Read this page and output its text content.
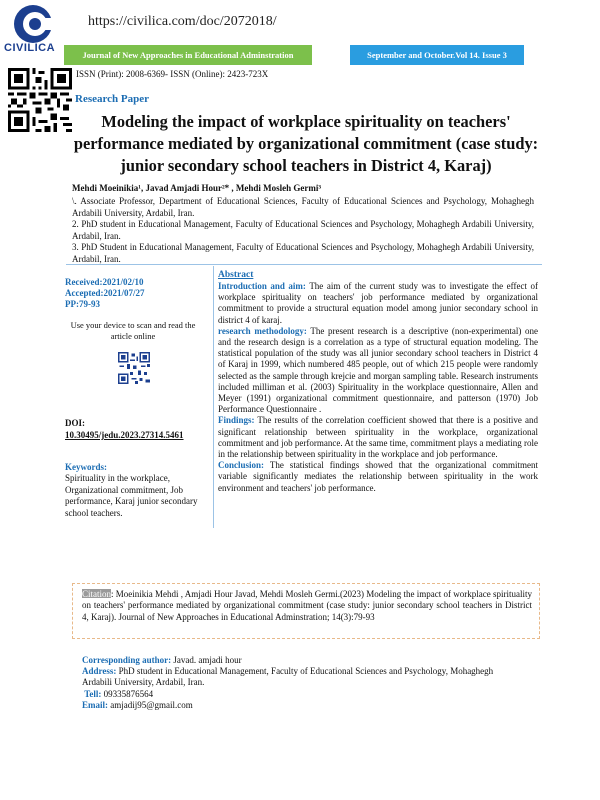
CIVILICA
https://civilica.com/doc/2072018/
Journal of New Approaches in Educational Adminstration	September and October.Vol 14. Issue 3
ISSN (Print): 2008-6369- ISSN (Online): 2423-723X
Research Paper
Modeling the impact of workplace spirituality on teachers' performance mediated by organizational commitment (case study: junior secondary school teachers in District 4, Karaj)
Mehdi Moeinikia¹, Javad Amjadi Hour²* , Mehdi Mosleh Germi³
\. Associate Professor, Department of Educational Sciences, Faculty of Educational Sciences and Psychology, Mohaghegh Ardabili University, Ardabil, Iran.
2. PhD student in Educational Management, Faculty of Educational Sciences and Psychology, Mohaghegh Ardabili University, Ardabil, Iran.
3. PhD Student in Educational Management, Faculty of Educational Sciences and Psychology, Mohaghegh Ardabili University, Ardabil, Iran.
Received:2021/02/10
Accepted:2021/07/27
PP:79-93
Use your device to scan and read the article online
DOI:
10.30495/jedu.2023.27314.5461
Keywords:
Spirituality in the workplace, Organizational commitment, Job performance, Karaj junior secondary school teachers.
Abstract

Introduction and aim: The aim of the current study was to investigate the effect of workplace spirituality on teachers' job performance mediated by organizational commitment to provide a structural equation model among junior secondary school in district 4 of karaj.

research methodology: The present research is a descriptive (non-experimental) one and the research design is a correlation as a type of structural equation modeling. The statistical population of the study was all junior secondary school teachers in District 4 of Karaj in 1999, which numbered 485 people, out of which 215 people were randomly selected as the sample through krejcie and morgan sampling table. Research instruments included milliman et al. (2003) Spirituality in the workplace questionnaire, Allen and Meyer (1991) organizational commitment questionnaire, and patterson (1970) Job Performance Questionnaire .

Findings: The results of the correlation coefficient showed that there is a positive and significant relationship between spirituality in the workplace, organizational commitment and job performance. At the same time, commitment plays a mediating role in the relationship between spirituality in the workplace and job performance.

Conclusion: The statistical findings showed that the organizational commitment variable significantly mediates the relationship between spirituality in the work environment and teachers' job performance.

Citation: Moeinikia Mehdi , Amjadi Hour Javad, Mehdi Mosleh Germi.(2023) Modeling the impact of workplace spirituality on teachers' performance mediated by organizational commitment (case study: junior secondary school teachers in District 4, Karaj). Journal of New Approaches in Educational Adminstration; 14(3):79-93
Corresponding author: Javad. amjadi hour
Address: PhD student in Educational Management, Faculty of Educational Sciences and Psychology, Mohaghegh Ardabili University, Ardabil, Iran.
Tell: 09335876564
Email: amjadij95@gmail.com
